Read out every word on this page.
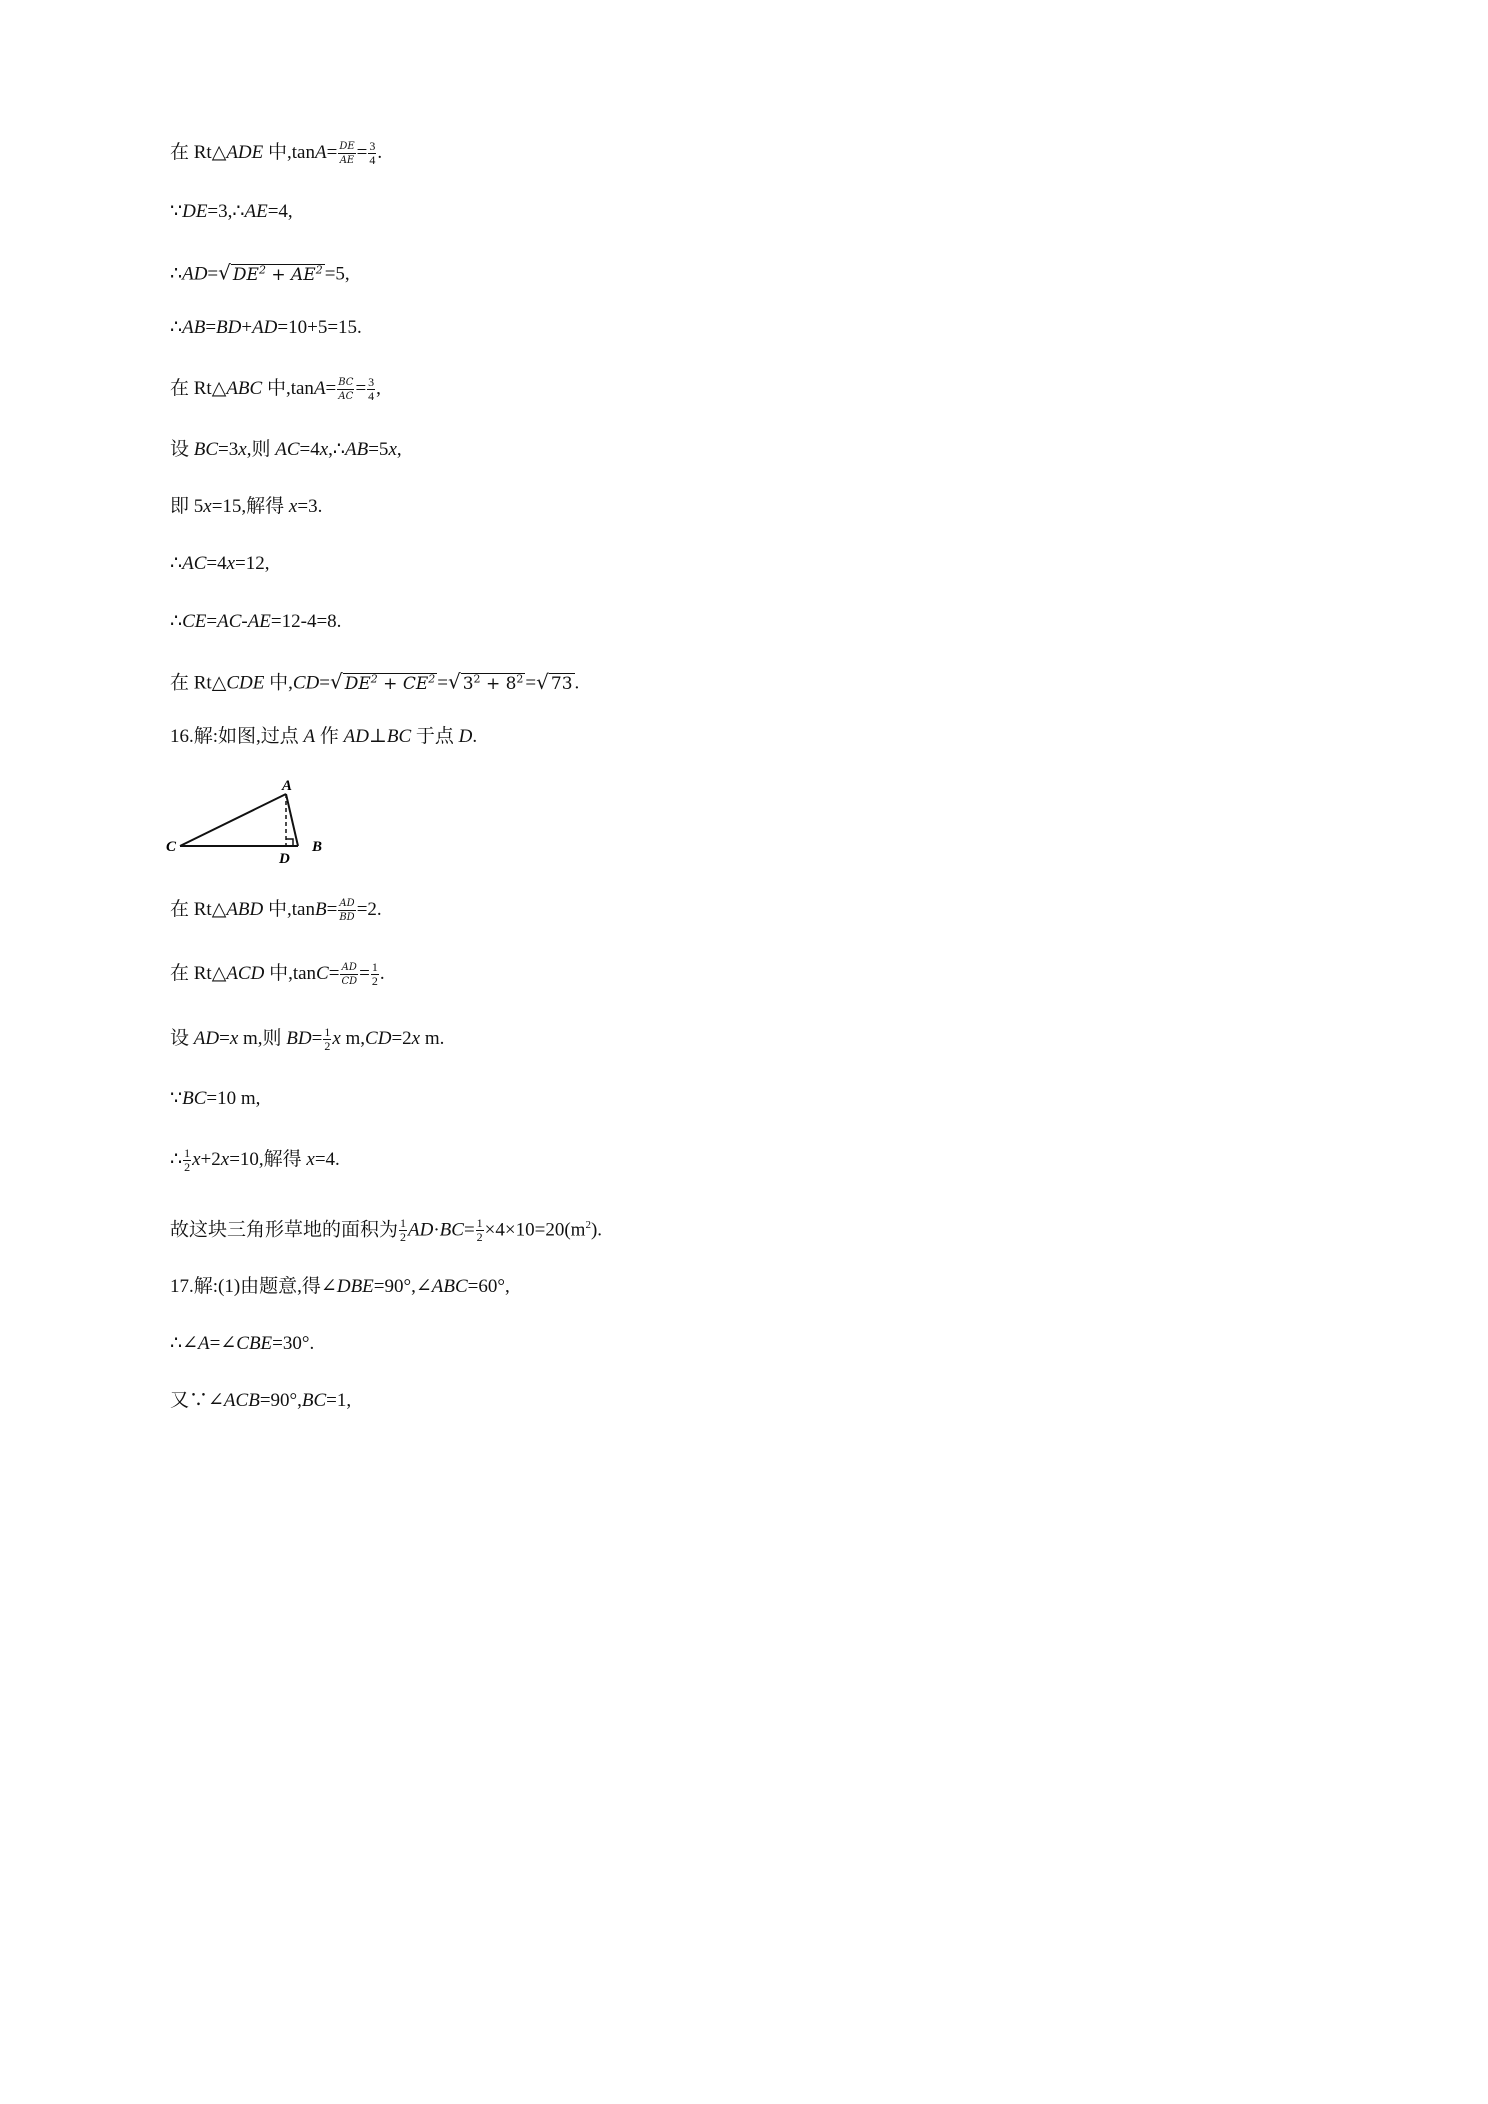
在 Rt△ADE 中$,\tan A= \frac{DE}{AE} = \frac{3}{4}$ .
∵DE=3,∴AE=4,
∴AD=√ $DE^2 + AE^2 =5$,
∴AB=BD+AD=10+5=15.
在 Rt△ABC 中$,\tan A= \frac{BC}{AC} = \frac{3}{4}$ ,
设 BC=3x,则 AC=4x,∴AB=5x,
即 5x=15,解得 x=3.
∴AC=4x=12,
∴CE=AC-AE=12-4=8.
在 Rt△CDE 中,CD=√ $DE^2 + CE^2$ =√ $3^2 + 8^2$ =√ 73 .
16.解:如图,过点 A 作 AD⊥BC 于点 D.
A
C	B
D
在 Rt△ABD 中$,\tan B= \frac{AD}{BD} =2$.
在 Rt△ACD 中$,\tan C= \frac{AD}{CD} = \frac{1}{2}$ .
设 AD=x m,则 $BD= \frac{1}{2}$ x m,CD=2x m.
∵BC=10 m,
∴ $\frac{1}{2} x+2x=10$,解得 x=4.
故这块三角形草地的面积为 $\frac{1}{2} AD\cdot BC= \frac{1}{2} \times 4\times 10=20(m^2)$.
17.解:(1)由题意,得∠DBE=90°,∠ABC=60°,
∴∠A=∠CBE=30°.
又∵∠ACB=90°,BC=1,
